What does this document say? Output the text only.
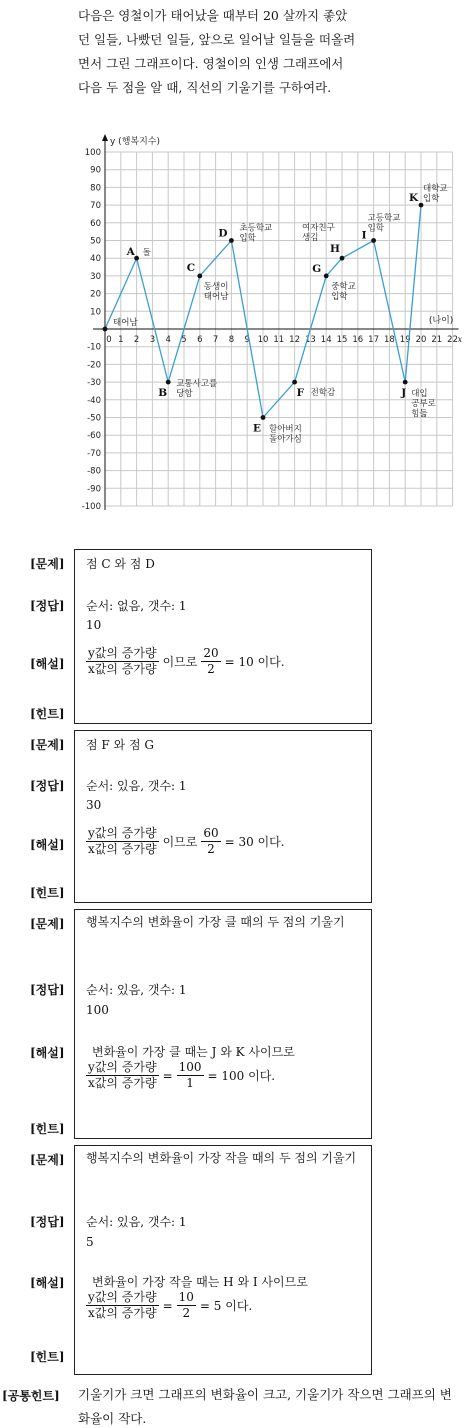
다음은 영철이가 태어났을 때부터 20 살까지 좋았
던 일들, 나빴던 일들, 앞으로 일어날 일들을 떠올려
면서 그린 그래프이다. 영철이의 인생 그래프에서
다음 두 점을 알 때, 직선의 기울기를 구하여라.
y (행복지수)
(나이)
x
100
90
80
70
60
50
40
30
20
10
-10
-20
-30
-40
-50
-60
-70
-80
-90
-100
0 1 2 3 4 5 6 7 8 9 10 11 12 13 14 15 16 17 18 19 20 21 22
태어남
A 돌
B
교통사고를 당함
C
동생이 태어남
D 초등학교 입학
E 할아버지 돌아가심
F 전학감
G
중학교 입학
H
여자친구 생김	I
고등학교 입학
J 대입 공부로 힘듦
K
대학교 입학
[문제] 점 C 와 점 D
[정답] 순서: 없음, 갯수: 1
10
[해설] $\frac{\text{y값의 증가량}}{\text{x값의 증가량}}$ 이므로 $\frac{20}{2} = 10$ 이다.
[힌트]
[문제] 점 F 와 점 G
[정답] 순서: 있음, 갯수: 1
30
[해설] $\frac{\text{y값의 증가량}}{\text{x값의 증가량}}$ 이므로 $\frac{60}{2} = 30$ 이다.
[힌트]
[문제] 행복지수의 변화율이 가장 클 때의 두 점의 기울기
[정답] 순서: 있음, 갯수: 1
100
[해설]	변화율이 가장 클 때는 J 와 K 사이므로
$\frac{\text{y값의 증가량}}{\text{x값의 증가량}} = \frac{100}{1} = 100$ 이다.
[힌트]
[문제] 행복지수의 변화율이 가장 작을 때의 두 점의 기울기
[정답] 순서: 있음, 갯수: 1
5
[해설]	변화율이 가장 작을 때는 H 와 I 사이므로
$\frac{\text{y값의 증가량}}{\text{x값의 증가량}} = \frac{10}{2} = 5$ 이다.
[힌트]
[공통힌트] 기울기가 크면 그래프의 변화율이 크고, 기울기가 작으면 그래프의 변화율이 작다.
